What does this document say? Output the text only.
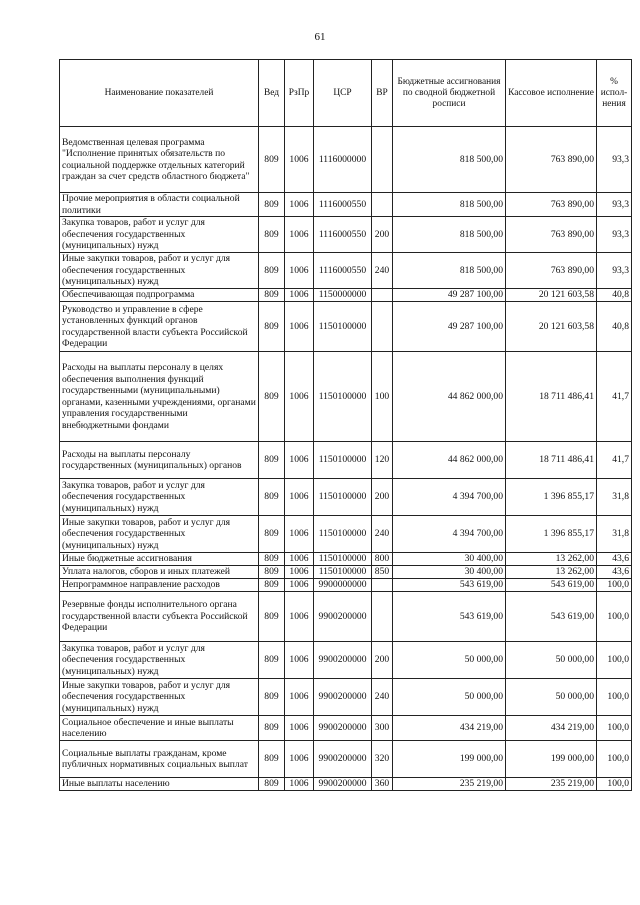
61
Наименование показателей	Вед	РзПр	ЦСР	ВР	Бюджетные ассигнования по сводной бюджетной росписи	Кассовое исполнение	% испол-нения
Ведомственная целевая программа "Исполнение принятых обязательств по социальной поддержке отдельных категорий граждан за счет средств областного бюджета"	809	1006	1116000000		818 500,00	763 890,00	93,3
Прочие мероприятия в области социальной политики	809	1006	1116000550		818 500,00	763 890,00	93,3
Закупка товаров, работ и услуг для обеспечения государственных (муниципальных) нужд	809	1006	1116000550	200	818 500,00	763 890,00	93,3
Иные закупки товаров, работ и услуг для обеспечения государственных (муниципальных) нужд	809	1006	1116000550	240	818 500,00	763 890,00	93,3
Обеспечивающая подпрограмма	809	1006	1150000000		49 287 100,00	20 121 603,58	40,8
Руководство и управление в сфере установленных функций органов государственной власти субъекта Российской Федерации	809	1006	1150100000		49 287 100,00	20 121 603,58	40,8
Расходы на выплаты персоналу в целях обеспечения выполнения функций государственными (муниципальными) органами, казенными учреждениями, органами управления государственными внебюджетными фондами	809	1006	1150100000	100	44 862 000,00	18 711 486,41	41,7
Расходы на выплаты персоналу государственных (муниципальных) органов	809	1006	1150100000	120	44 862 000,00	18 711 486,41	41,7
Закупка товаров, работ и услуг для обеспечения государственных (муниципальных) нужд	809	1006	1150100000	200	4 394 700,00	1 396 855,17	31,8
Иные закупки товаров, работ и услуг для обеспечения государственных (муниципальных) нужд	809	1006	1150100000	240	4 394 700,00	1 396 855,17	31,8
Иные бюджетные ассигнования	809	1006	1150100000	800	30 400,00	13 262,00	43,6
Уплата налогов, сборов и иных платежей	809	1006	1150100000	850	30 400,00	13 262,00	43,6
Непрограммное направление расходов	809	1006	9900000000		543 619,00	543 619,00	100,0
Резервные фонды исполнительного органа государственной власти субъекта Российской Федерации	809	1006	9900200000		543 619,00	543 619,00	100,0
Закупка товаров, работ и услуг для обеспечения государственных (муниципальных) нужд	809	1006	9900200000	200	50 000,00	50 000,00	100,0
Иные закупки товаров, работ и услуг для обеспечения государственных (муниципальных) нужд	809	1006	9900200000	240	50 000,00	50 000,00	100,0
Социальное обеспечение и иные выплаты населению	809	1006	9900200000	300	434 219,00	434 219,00	100,0
Социальные выплаты гражданам, кроме публичных нормативных социальных выплат	809	1006	9900200000	320	199 000,00	199 000,00	100,0
Иные выплаты населению	809	1006	9900200000	360	235 219,00	235 219,00	100,0
